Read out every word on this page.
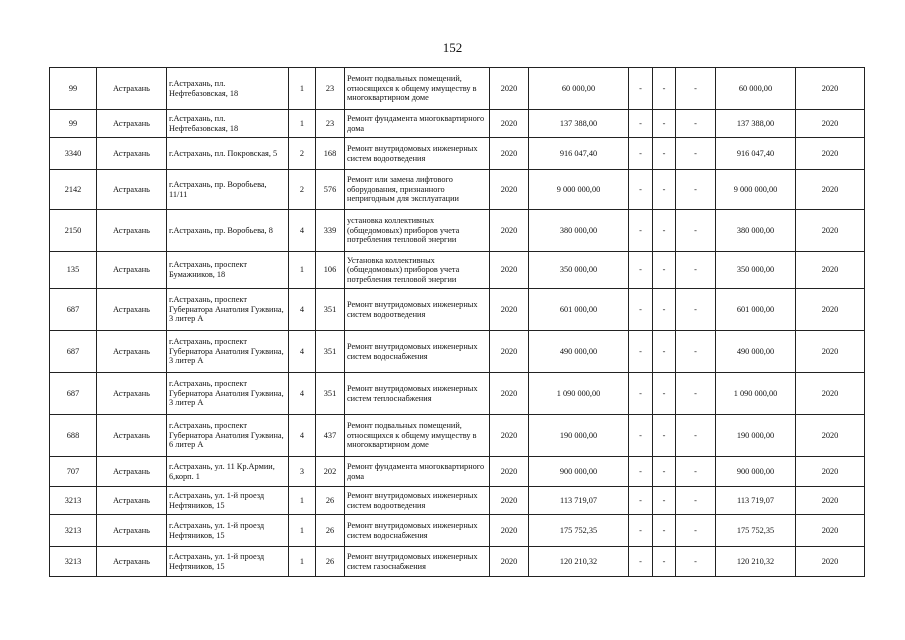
152
99	Астрахань	г.Астрахань, пл. Нефтебазовская, 18	1	23	Ремонт подвальных помещений, относящихся к общему имуществу в многоквартирном доме	2020	60 000,00	-	-	-	60 000,00	2020
99	Астрахань	г.Астрахань, пл. Нефтебазовская, 18	1	23	Ремонт фундамента многоквартирного дома	2020	137 388,00	-	-	-	137 388,00	2020
3340	Астрахань	г.Астрахань, пл. Покровская, 5	2	168	Ремонт внутридомовых инженерных систем водоотведения	2020	916 047,40	-	-	-	916 047,40	2020
2142	Астрахань	г.Астрахань, пр. Воробьева, 11/11	2	576	Ремонт или замена лифтового оборудования, признанного непригодным для эксплуатации	2020	9 000 000,00	-	-	-	9 000 000,00	2020
2150	Астрахань	г.Астрахань, пр. Воробьева, 8	4	339	установка коллективных (общедомовых) приборов учета потребления тепловой энергии	2020	380 000,00	-	-	-	380 000,00	2020
135	Астрахань	г.Астрахань, проспект Бумажников, 18	1	106	Установка коллективных (общедомовых) приборов учета потребления тепловой энергии	2020	350 000,00	-	-	-	350 000,00	2020
687	Астрахань	г.Астрахань, проспект Губернатора Анатолия Гужвина, 3 литер А	4	351	Ремонт внутридомовых инженерных систем водоотведения	2020	601 000,00	-	-	-	601 000,00	2020
687	Астрахань	г.Астрахань, проспект Губернатора Анатолия Гужвина, 3 литер А	4	351	Ремонт внутридомовых инженерных систем водоснабжения	2020	490 000,00	-	-	-	490 000,00	2020
687	Астрахань	г.Астрахань, проспект Губернатора Анатолия Гужвина, 3 литер А	4	351	Ремонт внутридомовых инженерных систем теплоснабжения	2020	1 090 000,00	-	-	-	1 090 000,00	2020
688	Астрахань	г.Астрахань, проспект Губернатора Анатолия Гужвина, 6 литер А	4	437	Ремонт подвальных помещений, относящихся к общему имуществу в многоквартирном доме	2020	190 000,00	-	-	-	190 000,00	2020
707	Астрахань	г.Астрахань, ул. 11 Кр.Армии, 6,корп. 1	3	202	Ремонт фундамента многоквартирного дома	2020	900 000,00	-	-	-	900 000,00	2020
3213	Астрахань	г.Астрахань, ул. 1-й проезд Нефтяников, 15	1	26	Ремонт внутридомовых инженерных систем водоотведения	2020	113 719,07	-	-	-	113 719,07	2020
3213	Астрахань	г.Астрахань, ул. 1-й проезд Нефтяников, 15	1	26	Ремонт внутридомовых инженерных систем водоснабжения	2020	175 752,35	-	-	-	175 752,35	2020
3213	Астрахань	г.Астрахань, ул. 1-й проезд Нефтяников, 15	1	26	Ремонт внутридомовых инженерных систем газоснабжения	2020	120 210,32	-	-	-	120 210,32	2020
